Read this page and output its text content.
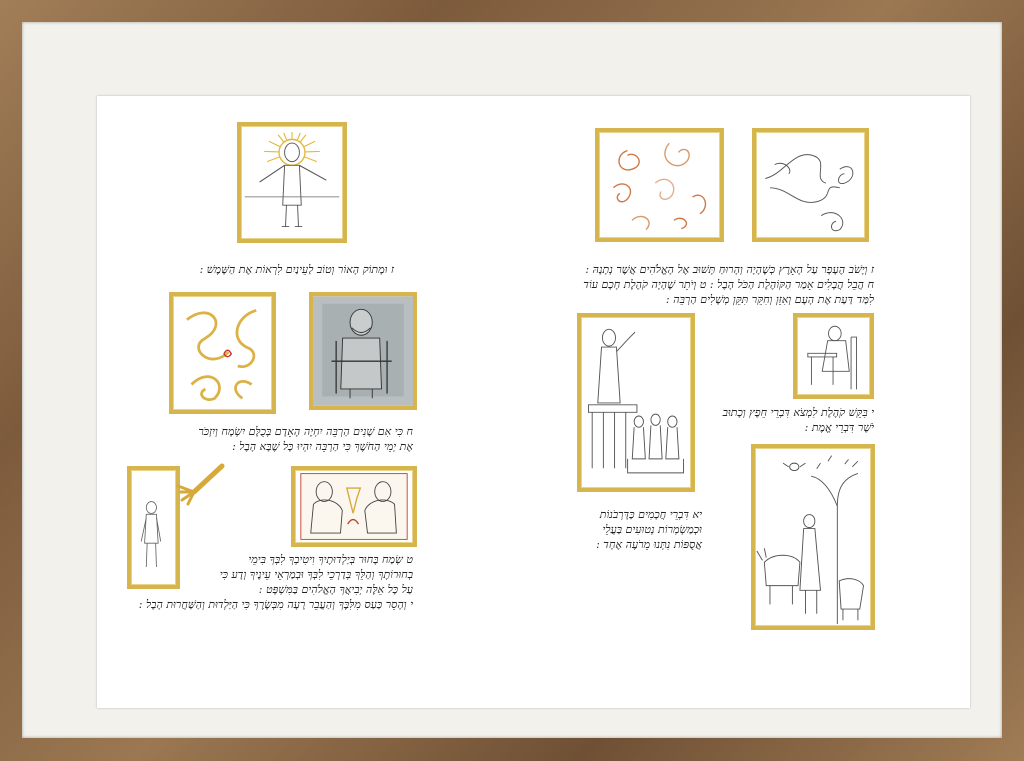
ז וּמָתוֹק הָאוֹר וְטוֹב לַעֵינַיִם לִרְאוֹת אֶת הַשָּׁמֶשׁ :
ח כִּי אִם שָׁנִים הַרְבֵּה יִחְיֶה הָאָדָם בְּכֻלָּם יִשְׂמָח וְיִזְכֹּר
אֶת יְמֵי הַחֹשֶׁךְ כִּי הַרְבֵּה יִהְיוּ כָּל שֶׁבָּא הָבֶל :
ט שְׂמַח בָּחוּר בְּיַלְדוּתֶיךָ וִיטִיבְךָ לִבְּךָ בִּימֵי
בְחוּרוֹתֶךָ וְהַלֵּךְ בְּדַרְכֵי לִבְּךָ וּבְמַרְאֵי עֵינֶיךָ וְדָע כִּי
עַל כָּל אֵלֶּה יְבִיאֲךָ הָאֱלֹהִים בַּמִּשְׁפָּט :
י וְהָסֵר כַּעַס מִלִּבֶּךָ וְהַעֲבֵר רָעָה מִבְּשָׂרֶךָ כִּי הַיַּלְדוּת וְהַשַּׁחֲרוּת הָבֶל :
ז וְיָשֹׁב הֶעָפָר עַל הָאָרֶץ כְּשֶׁהָיָה וְהָרוּחַ תָּשׁוּב אֶל הָאֱלֹהִים אֲשֶׁר נְתָנָהּ :
ח הֲבֵל הֲבָלִים אָמַר הַקּוֹהֶלֶת הַכֹּל הָבֶל : ט וְיֹתֵר שֶׁהָיָה קֹהֶלֶת חָכָם עוֹד
לִמַּד דַּעַת אֶת הָעָם וְאִזֵּן וְחִקֵּר תִּקֵּן מְשָׁלִים הַרְבֵּה :
י בִּקֵּשׁ קֹהֶלֶת לִמְצֹא דִּבְרֵי חֵפֶץ וְכָתוּב
יֹשֶׁר דִּבְרֵי אֱמֶת :
יא דִּבְרֵי חֲכָמִים כַּדָּרְבֹנוֹת
וּכְמַשְׂמְרוֹת נְטוּעִים בַּעֲלֵי
אֲסֻפּוֹת נִתְּנוּ מֵרֹעֶה אֶחָד :
